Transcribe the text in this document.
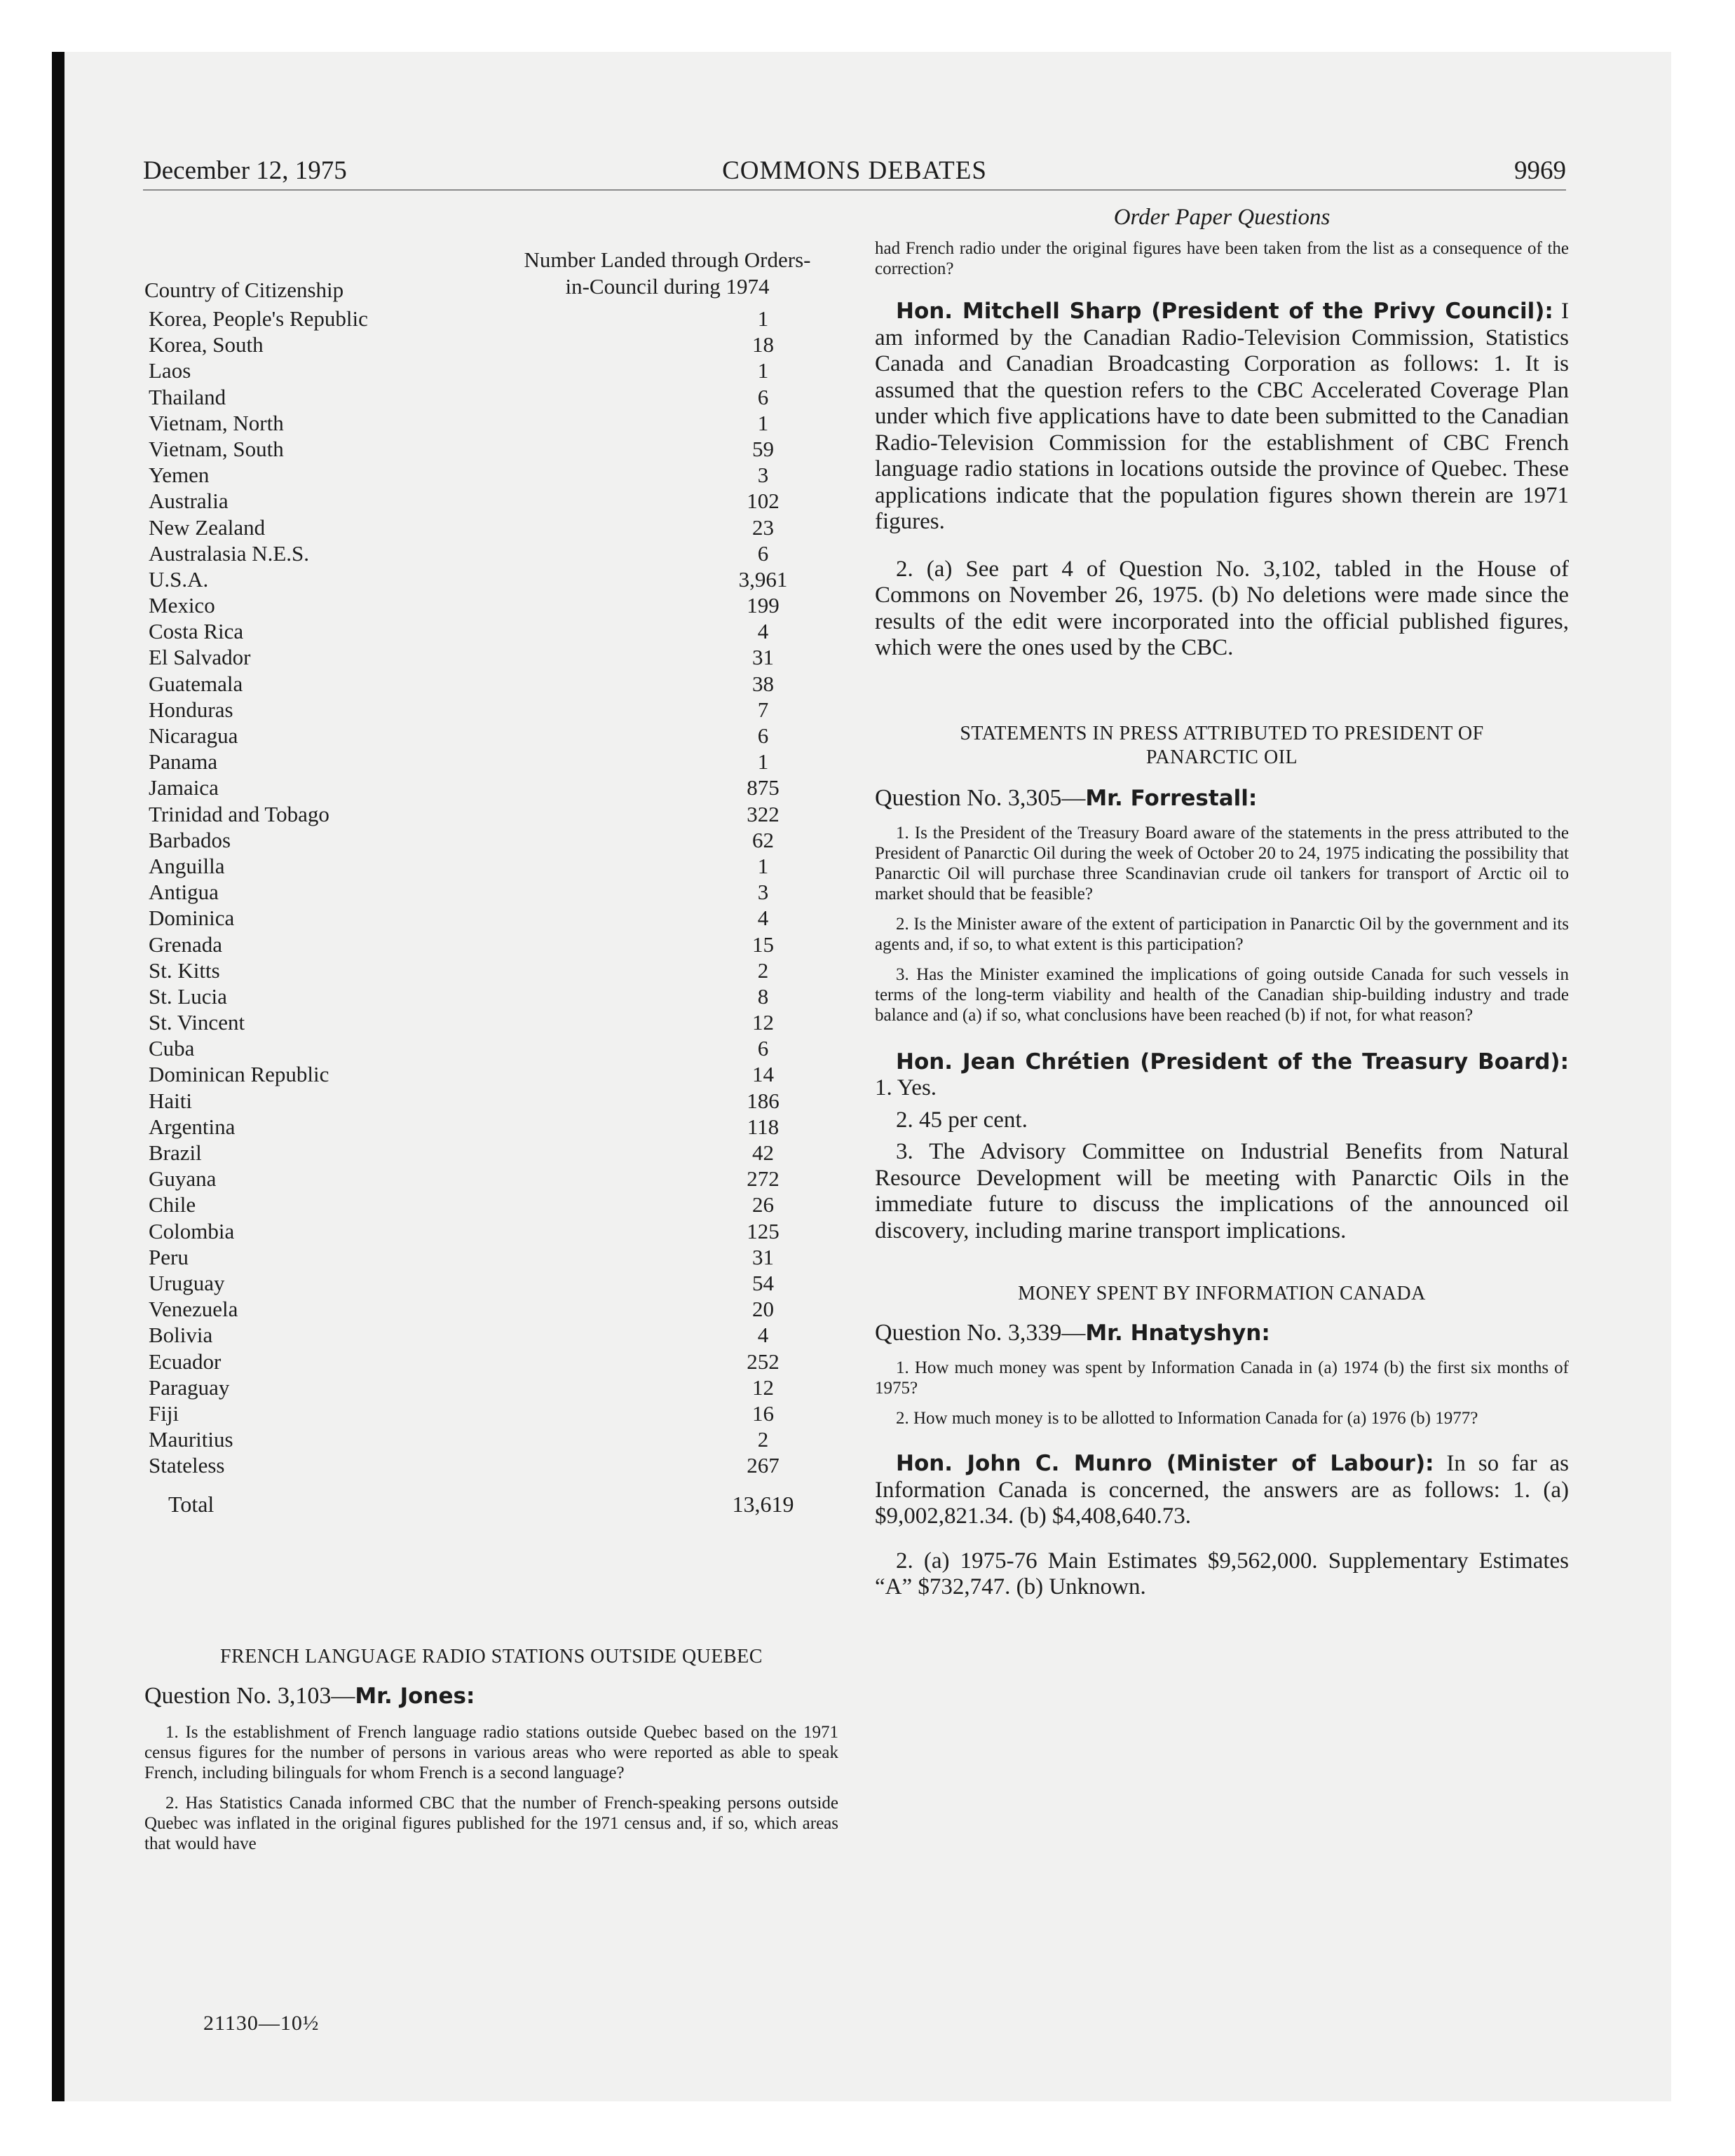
December 12, 1975	COMMONS DEBATES	9969
Country of Citizenship
Number Landed through Orders-
in-Council during 1974
Korea, People's Republic	1
Korea, South	18
Laos	1
Thailand	6
Vietnam, North	1
Vietnam, South	59
Yemen	3
Australia	102
New Zealand	23
Australasia N.E.S.	6
U.S.A.	3,961
Mexico	199
Costa Rica	4
El Salvador	31
Guatemala	38
Honduras	7
Nicaragua	6
Panama	1
Jamaica	875
Trinidad and Tobago	322
Barbados	62
Anguilla	1
Antigua	3
Dominica	4
Grenada	15
St. Kitts	2
St. Lucia	8
St. Vincent	12
Cuba	6
Dominican Republic	14
Haiti	186
Argentina	118
Brazil	42
Guyana	272
Chile	26
Colombia	125
Peru	31
Uruguay	54
Venezuela	20
Bolivia	4
Ecuador	252
Paraguay	12
Fiji	16
Mauritius	2
Stateless	267
Total	13,619
FRENCH LANGUAGE RADIO STATIONS OUTSIDE QUEBEC
Question No. 3,103—Mr. Jones:

1. Is the establishment of French language radio stations outside Quebec based on the 1971 census figures for the number of persons in various areas who were reported as able to speak French, including bilinguals for whom French is a second language?

2. Has Statistics Canada informed CBC that the number of French-speaking persons outside Quebec was inflated in the original figures published for the 1971 census and, if so, which areas that would have

Order Paper Questions

had French radio under the original figures have been taken from the list as a consequence of the correction?

Hon. Mitchell Sharp (President of the Privy Council): I am informed by the Canadian Radio-Television Commission, Statistics Canada and Canadian Broadcasting Corporation as follows: 1. It is assumed that the question refers to the CBC Accelerated Coverage Plan under which five applications have to date been submitted to the Canadian Radio-Television Commission for the establishment of CBC French language radio stations in locations outside the province of Quebec. These applications indicate that the population figures shown therein are 1971 figures.

2. (a) See part 4 of Question No. 3,102, tabled in the House of Commons on November 26, 1975. (b) No deletions were made since the results of the edit were incorporated into the official published figures, which were the ones used by the CBC.

STATEMENTS IN PRESS ATTRIBUTED TO PRESIDENT OF
PANARCTIC OIL
Question No. 3,305—Mr. Forrestall:

1. Is the President of the Treasury Board aware of the statements in the press attributed to the President of Panarctic Oil during the week of October 20 to 24, 1975 indicating the possibility that Panarctic Oil will purchase three Scandinavian crude oil tankers for transport of Arctic oil to market should that be feasible?

2. Is the Minister aware of the extent of participation in Panarctic Oil by the government and its agents and, if so, to what extent is this participation?

3. Has the Minister examined the implications of going outside Canada for such vessels in terms of the long-term viability and health of the Canadian ship-building industry and trade balance and (a) if so, what conclusions have been reached (b) if not, for what reason?

Hon. Jean Chrétien (President of the Treasury Board): 1. Yes.

2. 45 per cent.

3. The Advisory Committee on Industrial Benefits from Natural Resource Development will be meeting with Panarctic Oils in the immediate future to discuss the implications of the announced oil discovery, including marine transport implications.

MONEY SPENT BY INFORMATION CANADA
Question No. 3,339—Mr. Hnatyshyn:

1. How much money was spent by Information Canada in (a) 1974 (b) the first six months of 1975?

2. How much money is to be allotted to Information Canada for (a) 1976 (b) 1977?

Hon. John C. Munro (Minister of Labour): In so far as Information Canada is concerned, the answers are as follows: 1. (a) $9,002,821.34. (b) $4,408,640.73.

2. (a) 1975-76 Main Estimates $9,562,000. Supplementary Estimates “A” $732,747. (b) Unknown.

21130—10½
